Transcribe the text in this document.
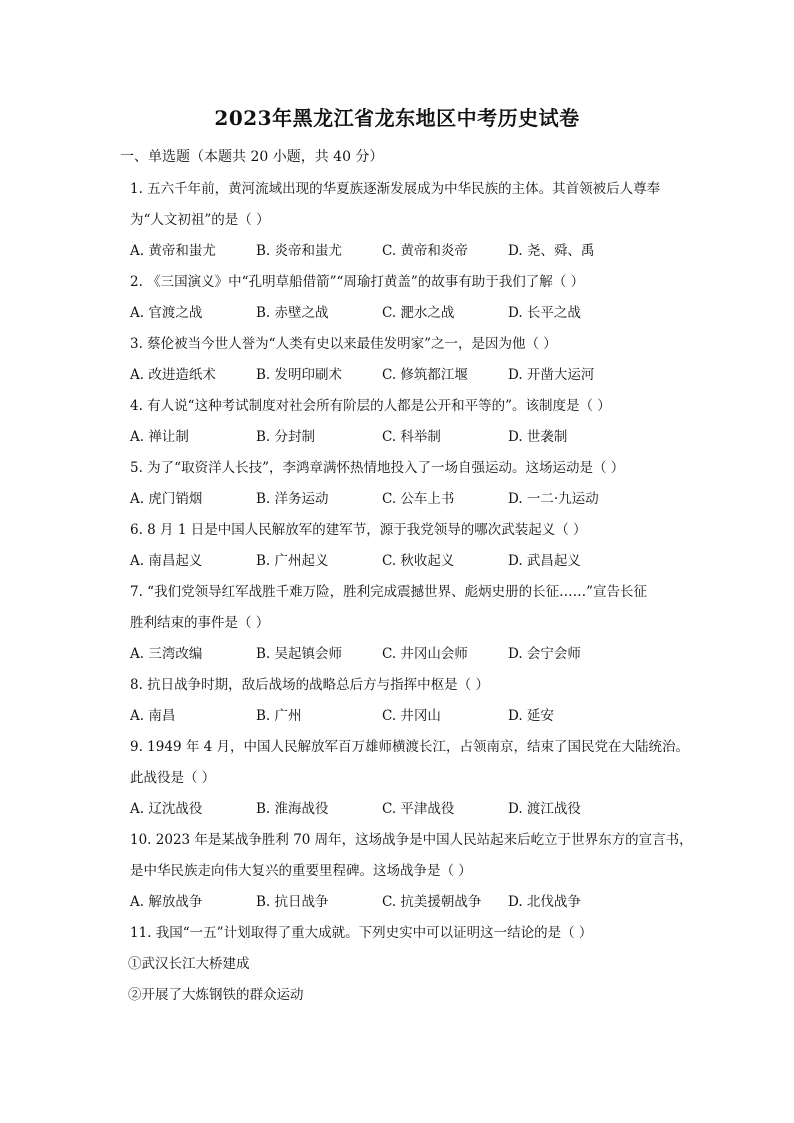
2023年黑龙江省龙东地区中考历史试卷
一、单选题（本题共 20 小题，共 40 分）
1. 五六千年前，黄河流域出现的华夏族逐渐发展成为中华民族的主体。其首领被后人尊奉
为“人文初祖”的是（ ）
A. 黄帝和蚩尤	B. 炎帝和蚩尤	C. 黄帝和炎帝	D. 尧、舜、禹
2. 《三国演义》中“孔明草船借箭”“周瑜打黄盖”的故事有助于我们了解（ ）
A. 官渡之战	B. 赤壁之战	C. 淝水之战	D. 长平之战
3. 蔡伦被当今世人誉为“人类有史以来最佳发明家”之一，是因为他（ ）
A. 改进造纸术	B. 发明印刷术	C. 修筑都江堰	D. 开凿大运河
4. 有人说“这种考试制度对社会所有阶层的人都是公开和平等的”。该制度是（ ）
A. 禅让制	B. 分封制	C. 科举制	D. 世袭制
5. 为了“取资洋人长技”，李鸿章满怀热情地投入了一场自强运动。这场运动是（ ）
A. 虎门销烟	B. 洋务运动	C. 公车上书	D. 一二·九运动
6. 8 月 1 日是中国人民解放军的建军节，源于我党领导的哪次武装起义（ ）
A. 南昌起义	B. 广州起义	C. 秋收起义	D. 武昌起义
7. “我们党领导红军战胜千难万险，胜利完成震撼世界、彪炳史册的长征……”宣告长征
胜利结束的事件是（ ）
A. 三湾改编	B. 吴起镇会师	C. 井冈山会师	D. 会宁会师
8. 抗日战争时期，敌后战场的战略总后方与指挥中枢是（ ）
A. 南昌	B. 广州	C. 井冈山	D. 延安
9. 1949 年 4 月，中国人民解放军百万雄师横渡长江，占领南京，结束了国民党在大陆统治。
此战役是（ ）
A. 辽沈战役	B. 淮海战役	C. 平津战役	D. 渡江战役
10. 2023 年是某战争胜利 70 周年，这场战争是中国人民站起来后屹立于世界东方的宣言书，
是中华民族走向伟大复兴的重要里程碑。这场战争是（ ）
A. 解放战争	B. 抗日战争	C. 抗美援朝战争	D. 北伐战争
11. 我国“一五”计划取得了重大成就。下列史实中可以证明这一结论的是（ ）
①武汉长江大桥建成
②开展了大炼钢铁的群众运动
